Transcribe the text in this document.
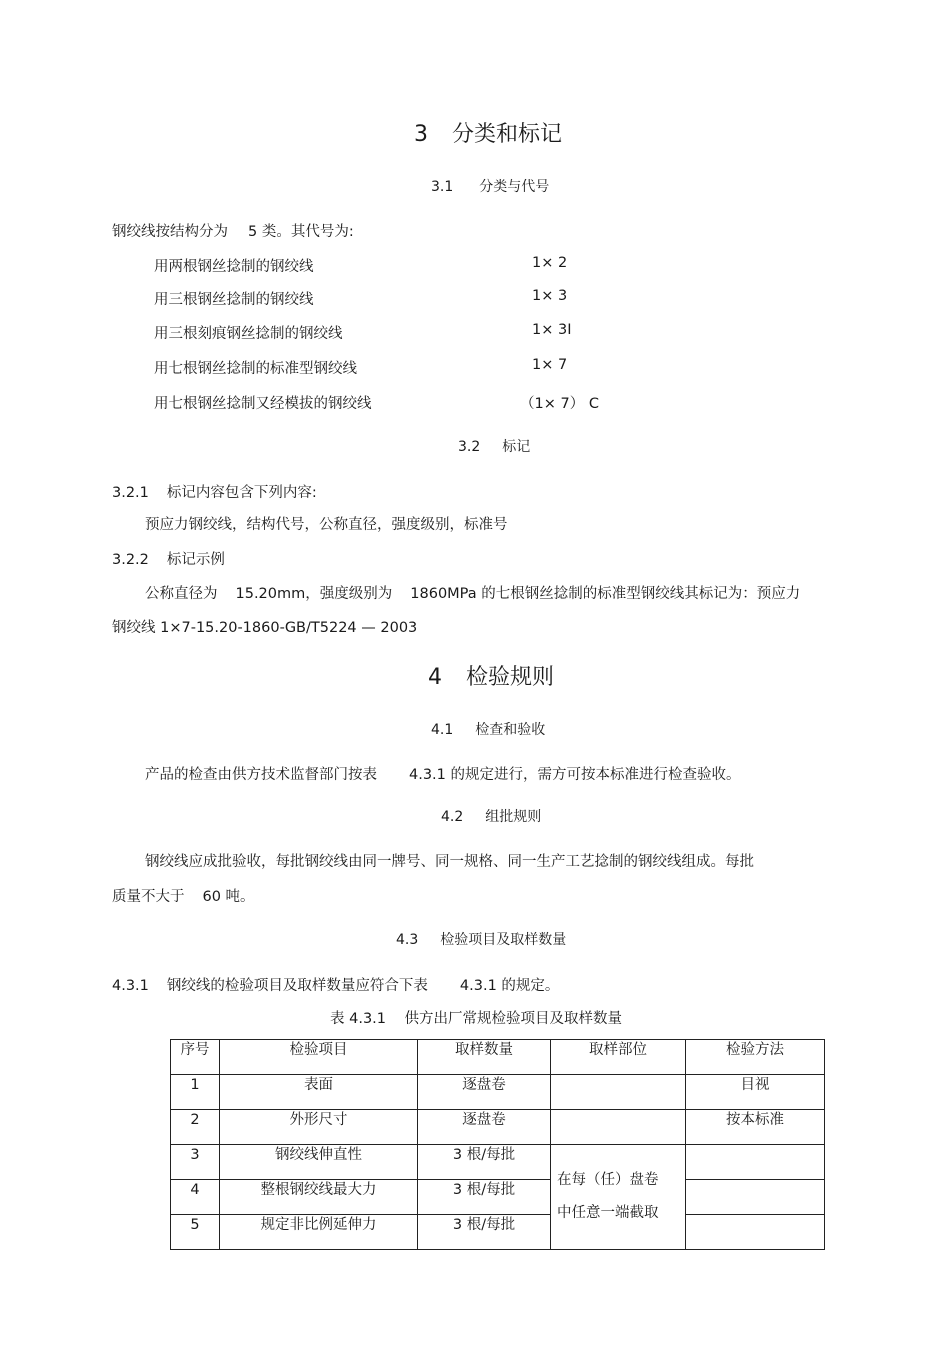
3 分类和标记
3.1 分类与代号
钢绞线按结构分为 5 类。其代号为:
用两根钢丝捻制的钢绞线	1× 2
用三根钢丝捻制的钢绞线	1× 3
用三根刻痕钢丝捻制的钢绞线	1× 3Ⅰ
用七根钢丝捻制的标准型钢绞线	1× 7
用七根钢丝捻制又经模拔的钢绞线	（1× 7） C
3.2 标记
3.2.1 标记内容包含下列内容:
预应力钢绞线，结构代号，公称直径，强度级别，标准号
3.2.2 标记示例
公称直径为 15.20mm，强度级别为 1860MPa 的七根钢丝捻制的标准型钢绞线其标记为：预应力
钢绞线 1×7-15.20-1860-GB/T5224 — 2003
4 检验规则
4.1 检查和验收
产品的检查由供方技术监督部门按表 4.3.1 的规定进行，需方可按本标准进行检查验收。
4.2 组批规则
钢绞线应成批验收，每批钢绞线由同一牌号、同一规格、同一生产工艺捻制的钢绞线组成。每批
质量不大于 60 吨。
4.3 检验项目及取样数量
4.3.1 钢绞线的检验项目及取样数量应符合下表 4.3.1 的规定。
表 4.3.1    供方出厂常规检验项目及取样数量
序号	检验项目	取样数量	取样部位	检验方法
1	表面	逐盘卷		目视
2	外形尺寸	逐盘卷		按本标准
3	钢绞线伸直性	3 根/每批	在每（任）盘卷
中任意一端截取	

4	整根钢绞线最大力	3 根/每批		
5	规定非比例延伸力	3 根/每批		
